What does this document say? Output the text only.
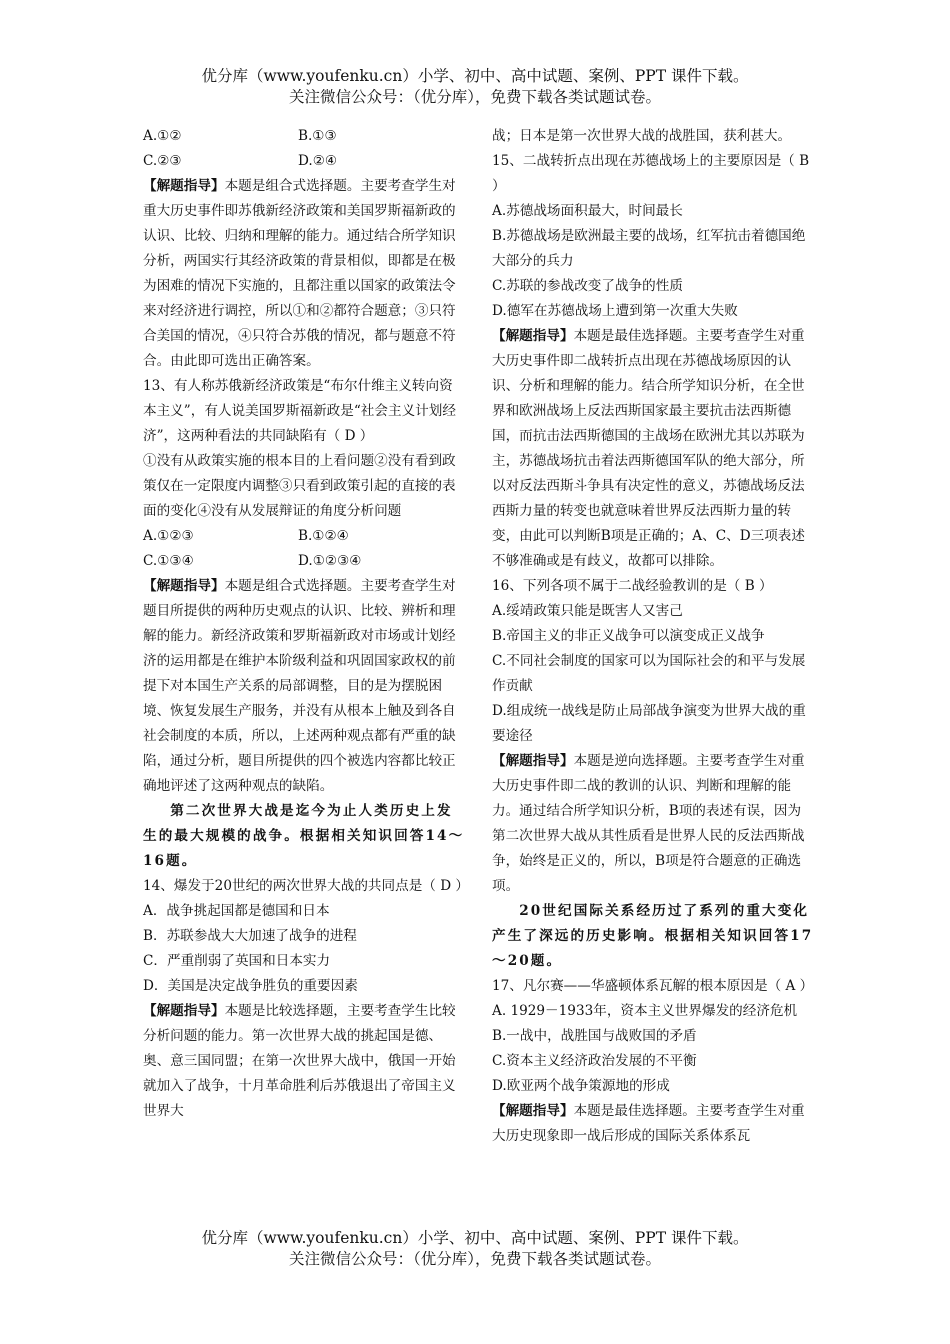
优分库（www.youfenku.cn）小学、初中、高中试题、案例、PPT 课件下载。
关注微信公众号：（优分库），免费下载各类试题试卷。
A.①②	B.①③
C.②③	D.②④

【解题指导】本题是组合式选择题。主要考查学生对重大历史事件即苏俄新经济政策和美国罗斯福新政的认识、比较、归纳和理解的能力。通过结合所学知识分析，两国实行其经济政策的背景相似，即都是在极为困难的情况下实施的，且都注重以国家的政策法令来对经济进行调控，所以①和②都符合题意；③只符合美国的情况，④只符合苏俄的情况，都与题意不符合。由此即可选出正确答案。

13、有人称苏俄新经济政策是“布尔什维主义转向资本主义”，有人说美国罗斯福新政是“社会主义计划经济”，这两种看法的共同缺陷有（ D ）

①没有从政策实施的根本目的上看问题②没有看到政策仅在一定限度内调整③只看到政策引起的直接的表面的变化④没有从发展辩证的角度分析问题

A.①②③	B.①②④
C.①③④	D.①②③④

【解题指导】本题是组合式选择题。主要考查学生对题目所提供的两种历史观点的认识、比较、辨析和理解的能力。新经济政策和罗斯福新政对市场或计划经济的运用都是在维护本阶级利益和巩固国家政权的前提下对本国生产关系的局部调整，目的是为摆脱困境、恢复发展生产服务，并没有从根本上触及到各自社会制度的本质，所以，上述两种观点都有严重的缺陷，通过分析，题目所提供的四个被选内容都比较正确地评述了这两种观点的缺陷。

第二次世界大战是迄今为止人类历史上发生的最大规模的战争。根据相关知识回答14～16题。

14、爆发于20世纪的两次世界大战的共同点是（ D ）

A．战争挑起国都是德国和日本

B．苏联参战大大加速了战争的进程

C．严重削弱了英国和日本实力

D．美国是决定战争胜负的重要因素

【解题指导】本题是比较选择题，主要考查学生比较分析问题的能力。第一次世界大战的挑起国是德、奥、意三国同盟；在第一次世界大战中，俄国一开始就加入了战争，十月革命胜利后苏俄退出了帝国主义世界大

战；日本是第一次世界大战的战胜国，获利甚大。

15、二战转折点出现在苏德战场上的主要原因是（ B ）

A.苏德战场面积最大，时间最长

B.苏德战场是欧洲最主要的战场，红军抗击着德国绝大部分的兵力

C.苏联的参战改变了战争的性质

D.德军在苏德战场上遭到第一次重大失败

【解题指导】本题是最佳选择题。主要考查学生对重大历史事件即二战转折点出现在苏德战场原因的认识、分析和理解的能力。结合所学知识分析，在全世界和欧洲战场上反法西斯国家最主要抗击法西斯德国，而抗击法西斯德国的主战场在欧洲尤其以苏联为主，苏德战场抗击着法西斯德国军队的绝大部分，所以对反法西斯斗争具有决定性的意义，苏德战场反法西斯力量的转变也就意味着世界反法西斯力量的转变，由此可以判断B项是正确的；A、C、D三项表述不够准确或是有歧义，故都可以排除。

16、下列各项不属于二战经验教训的是（ B ）

A.绥靖政策只能是既害人又害己

B.帝国主义的非正义战争可以演变成正义战争

C.不同社会制度的国家可以为国际社会的和平与发展作贡献

D.组成统一战线是防止局部战争演变为世界大战的重要途径

【解题指导】本题是逆向选择题。主要考查学生对重大历史事件即二战的教训的认识、判断和理解的能力。通过结合所学知识分析，B项的表述有误，因为第二次世界大战从其性质看是世界人民的反法西斯战争，始终是正义的，所以，B项是符合题意的正确选项。

20世纪国际关系经历过了系列的重大变化产生了深远的历史影响。根据相关知识回答17～20题。

17、凡尔赛——华盛顿体系瓦解的根本原因是（ A ）

A. 1929－1933年，资本主义世界爆发的经济危机

B.一战中，战胜国与战败国的矛盾

C.资本主义经济政治发展的不平衡

D.欧亚两个战争策源地的形成

【解题指导】本题是最佳选择题。主要考查学生对重大历史现象即一战后形成的国际关系体系瓦

优分库（www.youfenku.cn）小学、初中、高中试题、案例、PPT 课件下载。
关注微信公众号：（优分库），免费下载各类试题试卷。
